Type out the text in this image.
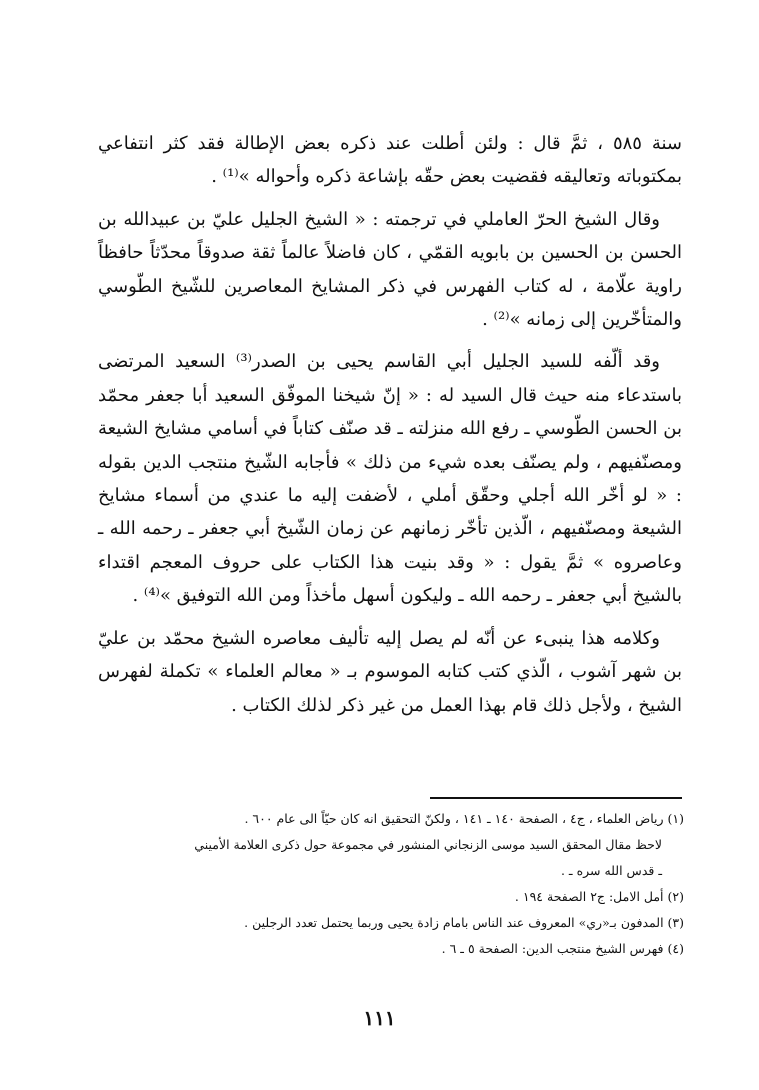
سنة ٥٨٥ ، ثمَّ قال : ولئن أطلت عند ذكره بعض الإطالة فقد كثر انتفاعي بمكتوباته وتعاليقه فقضيت بعض حقّه بإشاعة ذكره وأحواله »⁽¹⁾ .

وقال الشيخ الحرّ العاملي في ترجمته : « الشيخ الجليل عليّ بن عبيدالله بن الحسن بن الحسين بن بابويه القمّي ، كان فاضلاً عالماً ثقة صدوقاً محدّثاً حافظاً راوية علّامة ، له كتاب الفهرس في ذكر المشايخ المعاصرين للشّيخ الطّوسي والمتأخّرين إلى زمانه »⁽²⁾ .

وقد ألّفه للسيد الجليل أبي القاسم يحيى بن الصدر⁽³⁾ السعيد المرتضى باستدعاء منه حيث قال السيد له : « إنّ شيخنا الموفّق السعيد أبا جعفر محمّد بن الحسن الطّوسي ـ رفع الله منزلته ـ قد صنّف كتاباً في أسامي مشايخ الشيعة ومصنّفيهم ، ولم يصنّف بعده شيء من ذلك » فأجابه الشّيخ منتجب الدين بقوله : « لو أخّر الله أجلي وحقّق أملي ، لأضفت إليه ما عندي من أسماء مشايخ الشيعة ومصنّفيهم ، الّذين تأخّر زمانهم عن زمان الشّيخ أبي جعفر ـ رحمه الله ـ وعاصروه » ثمَّ يقول : « وقد بنيت هذا الكتاب على حروف المعجم اقتداء بالشيخ أبي جعفر ـ رحمه الله ـ وليكون أسهل مأخذاً ومن الله التوفيق »⁽⁴⁾ .

وكلامه هذا ينبىء عن أنّه لم يصل إليه تأليف معاصره الشيخ محمّد بن عليّ بن شهر آشوب ، الّذي كتب كتابه الموسوم بـ « معالم العلماء » تكملة لفهرس الشيخ ، ولأجل ذلك قام بهذا العمل من غير ذكر لذلك الكتاب .

(١) رياض العلماء ، ج٤ ، الصفحة ١٤٠ ـ ١٤١ ، ولكنّ التحقيق انه كان حيّاً الى عام ٦٠٠ .

لاحظ مقال المحقق السيد موسى الزنجاني المنشور في مجموعة حول ذكرى العلامة الأميني

ـ قدس الله سره ـ .

(٢) أمل الامل: ج٢ الصفحة ١٩٤ .

(٣) المدفون بـ«ري» المعروف عند الناس بامام زادة يحيى وربما يحتمل تعدد الرجلين .

(٤) فهرس الشيخ منتجب الدين: الصفحة ٥ ـ ٦ .

١١١
